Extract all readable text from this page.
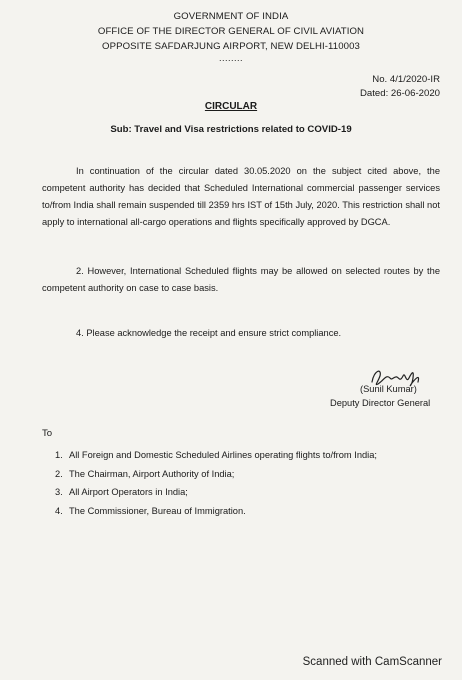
GOVERNMENT OF INDIA
OFFICE OF THE DIRECTOR GENERAL OF CIVIL AVIATION
OPPOSITE SAFDARJUNG AIRPORT, NEW DELHI-110003
........
No. 4/1/2020-IR
Dated: 26-06-2020
CIRCULAR
Sub: Travel and Visa restrictions related to COVID-19
In continuation of the circular dated 30.05.2020 on the subject cited above, the competent authority has decided that Scheduled International commercial passenger services to/from India shall remain suspended till 2359 hrs IST of 15th July, 2020. This restriction shall not apply to international all-cargo operations and flights specifically approved by DGCA.
2. However, International Scheduled flights may be allowed on selected routes by the competent authority on case to case basis.
4. Please acknowledge the receipt and ensure strict compliance.
(Sunil Kumar)
Deputy Director General
To
1. All Foreign and Domestic Scheduled Airlines operating flights to/from India;
2. The Chairman, Airport Authority of India;
3. All Airport Operators in India;
4. The Commissioner, Bureau of Immigration.
Scanned with CamScanner
